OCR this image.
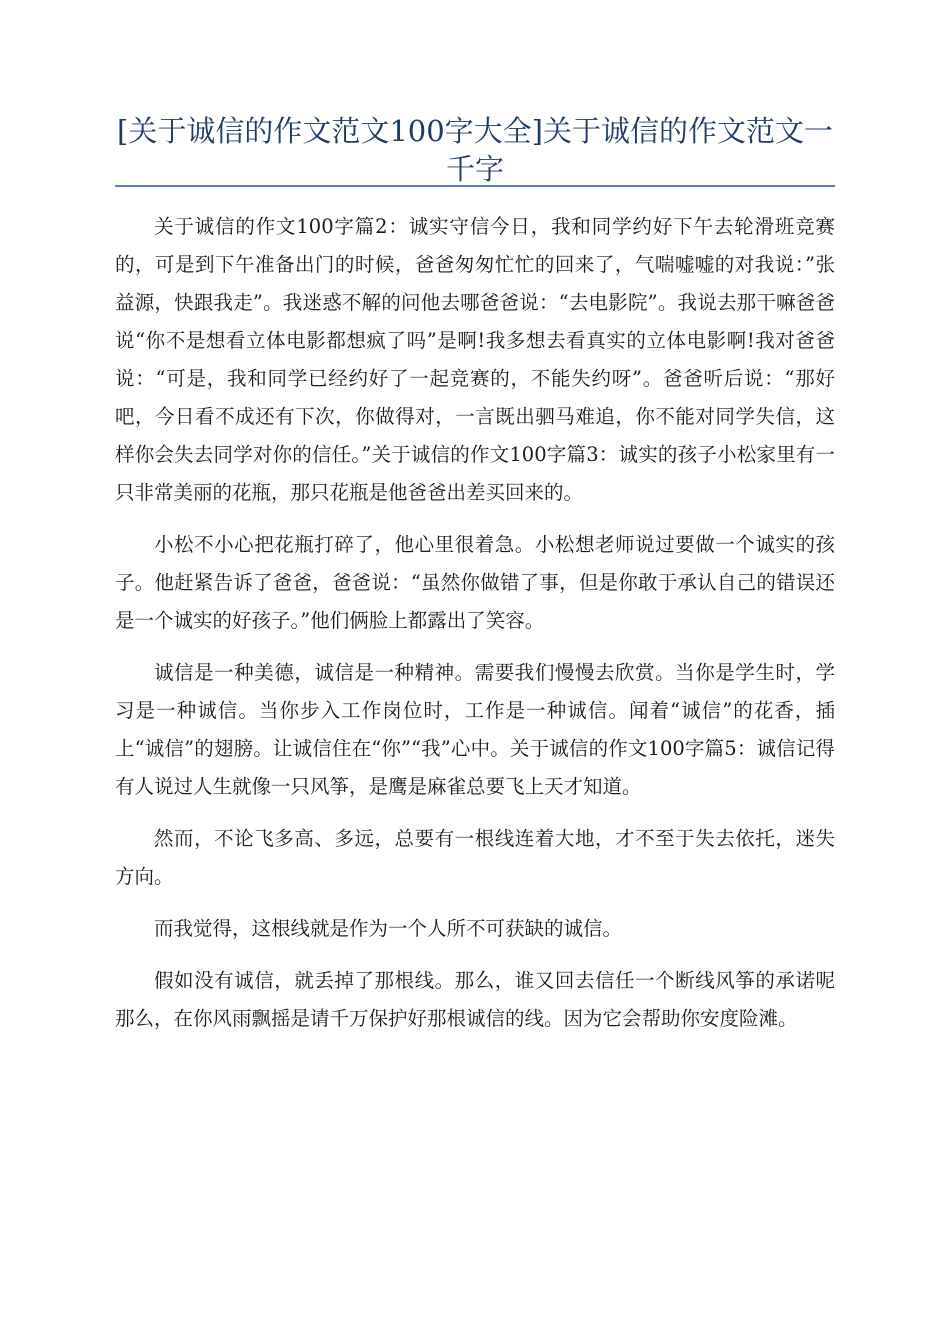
[关于诚信的作文范文100字大全]关于诚信的作文范文一千字

关于诚信的作文100字篇2：诚实守信今日，我和同学约好下午去轮滑班竞赛的，可是到下午准备出门的时候，爸爸匆匆忙忙的回来了，气喘嘘嘘的对我说：”张益源，快跟我走”。我迷惑不解的问他去哪爸爸说：“去电影院”。我说去那干嘛爸爸说“你不是想看立体电影都想疯了吗”是啊!我多想去看真实的立体电影啊!我对爸爸说：“可是，我和同学已经约好了一起竞赛的，不能失约呀”。爸爸听后说：“那好吧，今日看不成还有下次，你做得对，一言既出驷马难追，你不能对同学失信，这样你会失去同学对你的信任。”关于诚信的作文100字篇3：诚实的孩子小松家里有一只非常美丽的花瓶，那只花瓶是他爸爸出差买回来的。

小松不小心把花瓶打碎了，他心里很着急。小松想老师说过要做一个诚实的孩子。他赶紧告诉了爸爸，爸爸说：“虽然你做错了事，但是你敢于承认自己的错误还是一个诚实的好孩子。”他们俩脸上都露出了笑容。

诚信是一种美德，诚信是一种精神。需要我们慢慢去欣赏。当你是学生时，学习是一种诚信。当你步入工作岗位时，工作是一种诚信。闻着“诚信”的花香，插上“诚信”的翅膀。让诚信住在“你”“我”心中。关于诚信的作文100字篇5：诚信记得有人说过人生就像一只风筝，是鹰是麻雀总要飞上天才知道。

然而，不论飞多高、多远，总要有一根线连着大地，才不至于失去依托，迷失方向。

而我觉得，这根线就是作为一个人所不可获缺的诚信。

假如没有诚信，就丢掉了那根线。那么，谁又回去信任一个断线风筝的承诺呢那么，在你风雨飘摇是请千万保护好那根诚信的线。因为它会帮助你安度险滩。
